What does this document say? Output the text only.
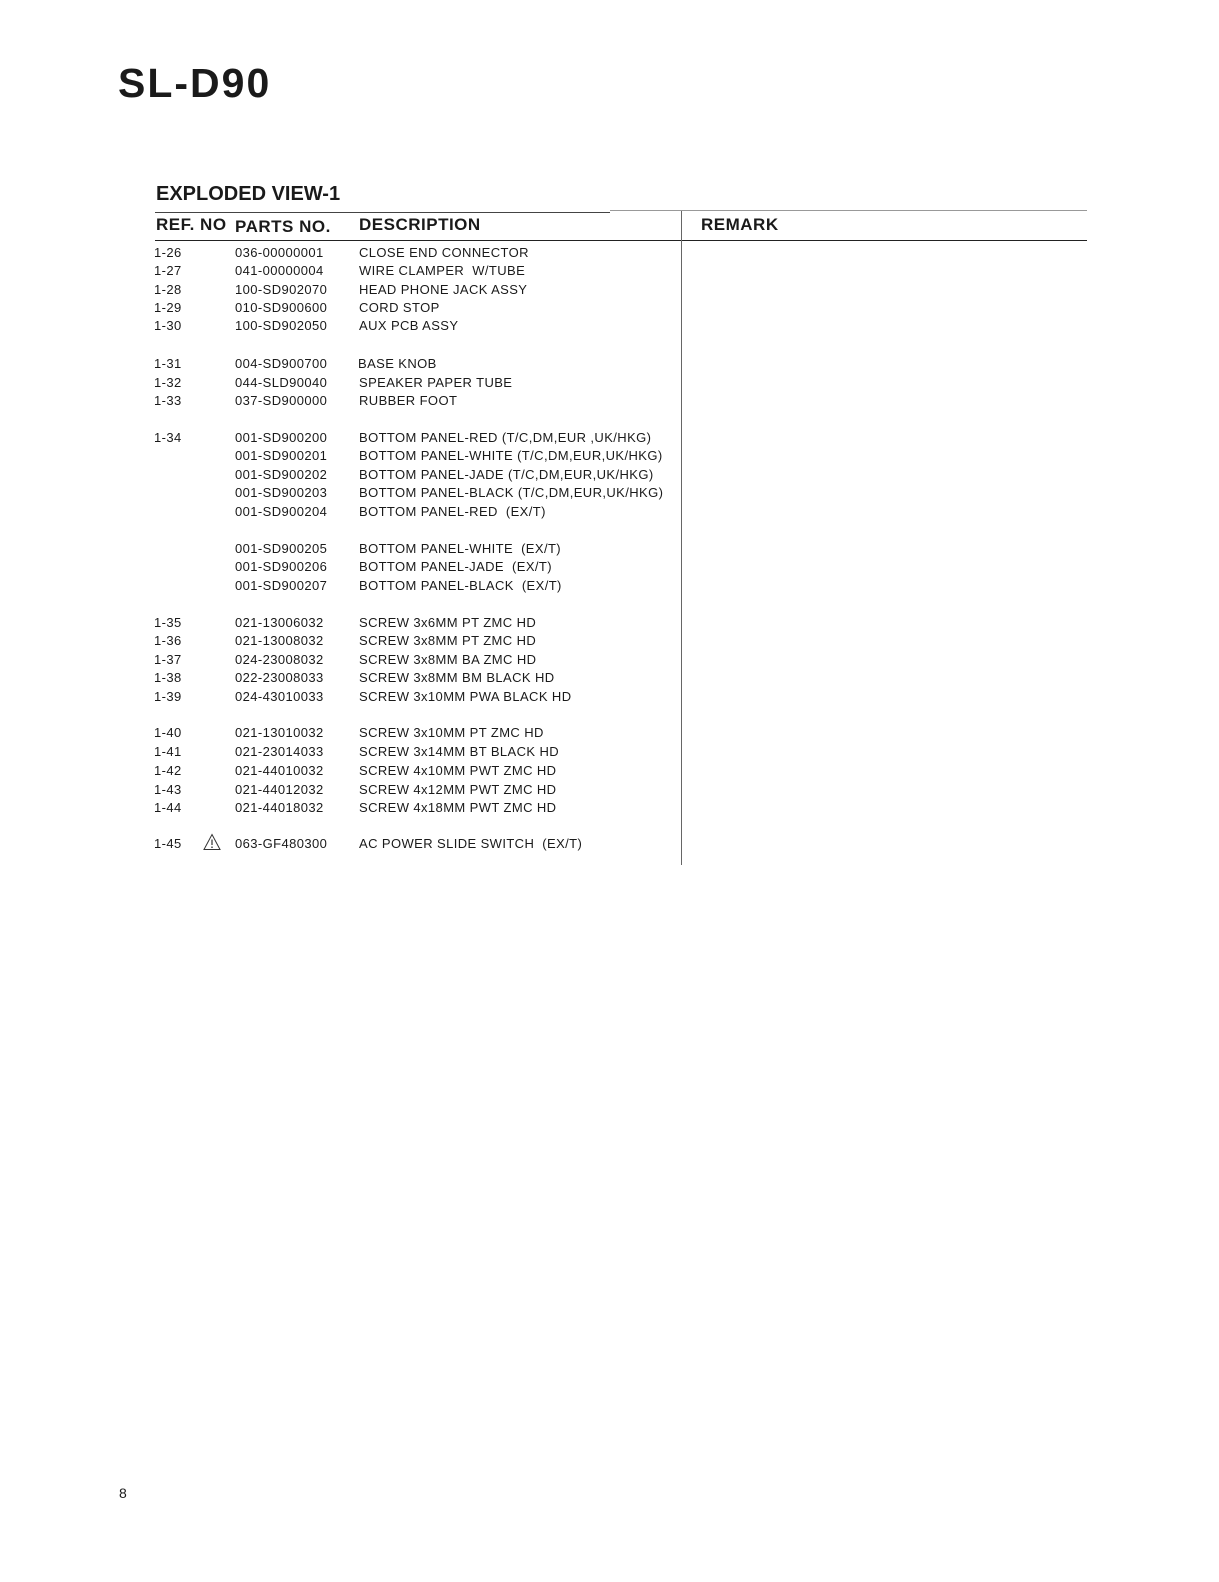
SL-D90
EXPLODED VIEW-1
REF. NO PARTS NO. DESCRIPTION	REMARK
1-26	036-00000001	CLOSE END CONNECTOR
1-27	041-00000004	WIRE CLAMPER  W/TUBE
1-28	100-SD902070 HEAD PHONE JACK ASSY
1-29	010-SD900600 CORD STOP
1-30	100-SD902050 AUX PCB ASSY
1-31	004-SD900700 BASE KNOB
1-32	044-SLD90040 SPEAKER PAPER TUBE
1-33	037-SD900000 RUBBER FOOT
1-34	001-SD900200 BOTTOM PANEL-RED (T/C,DM,EUR ,UK/HKG)
001-SD900201 BOTTOM PANEL-WHITE (T/C,DM,EUR,UK/HKG)
001-SD900202 BOTTOM PANEL-JADE (T/C,DM,EUR,UK/HKG)
001-SD900203 BOTTOM PANEL-BLACK (T/C,DM,EUR,UK/HKG)
001-SD900204 BOTTOM PANEL-RED  (EX/T)
001-SD900205 BOTTOM PANEL-WHITE  (EX/T)
001-SD900206 BOTTOM PANEL-JADE  (EX/T)
001-SD900207 BOTTOM PANEL-BLACK  (EX/T)
1-35	021-13006032	SCREW 3x6MM PT ZMC HD
1-36	021-13008032	SCREW 3x8MM PT ZMC HD
1-37	024-23008032	SCREW 3x8MM BA ZMC HD
1-38	022-23008033	SCREW 3x8MM BM BLACK HD
1-39	024-43010033	SCREW 3x10MM PWA BLACK HD
1-40	021-13010032	SCREW 3x10MM PT ZMC HD
1-41	021-23014033	SCREW 3x14MM BT BLACK HD
1-42	021-44010032	SCREW 4x10MM PWT ZMC HD
1-43	021-44012032	SCREW 4x12MM PWT ZMC HD
1-44	021-44018032	SCREW 4x18MM PWT ZMC HD
1-45	063-GF480300 AC POWER SLIDE SWITCH  (EX/T)
8
